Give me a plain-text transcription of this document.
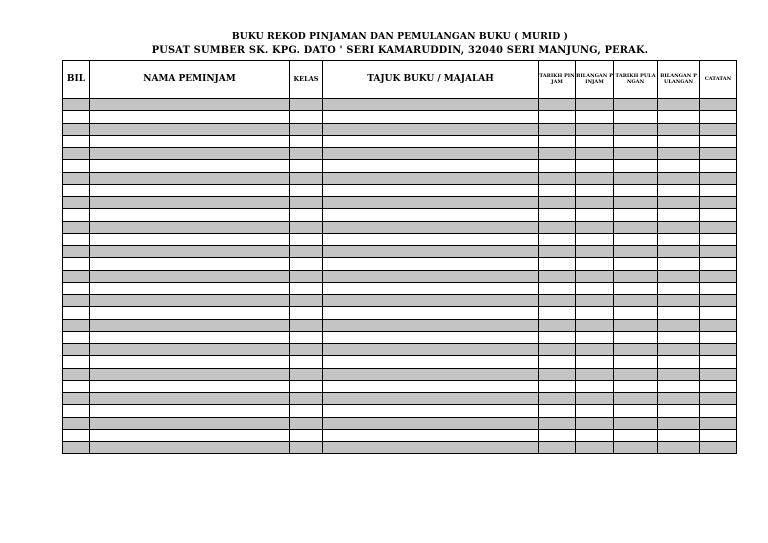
BUKU REKOD PINJAMAN DAN PEMULANGAN BUKU ( MURID )
PUSAT SUMBER SK. KPG. DATO ' SERI KAMARUDDIN, 32040 SERI MANJUNG, PERAK.
BIL	NAMA PEMINJAM	KELAS	TAJUK BUKU / MAJALAH	TARIKH PINJAM	BILANGAN PINJAM	TARIKH PULANGAN	BILANGAN PULANGAN	CATATAN
